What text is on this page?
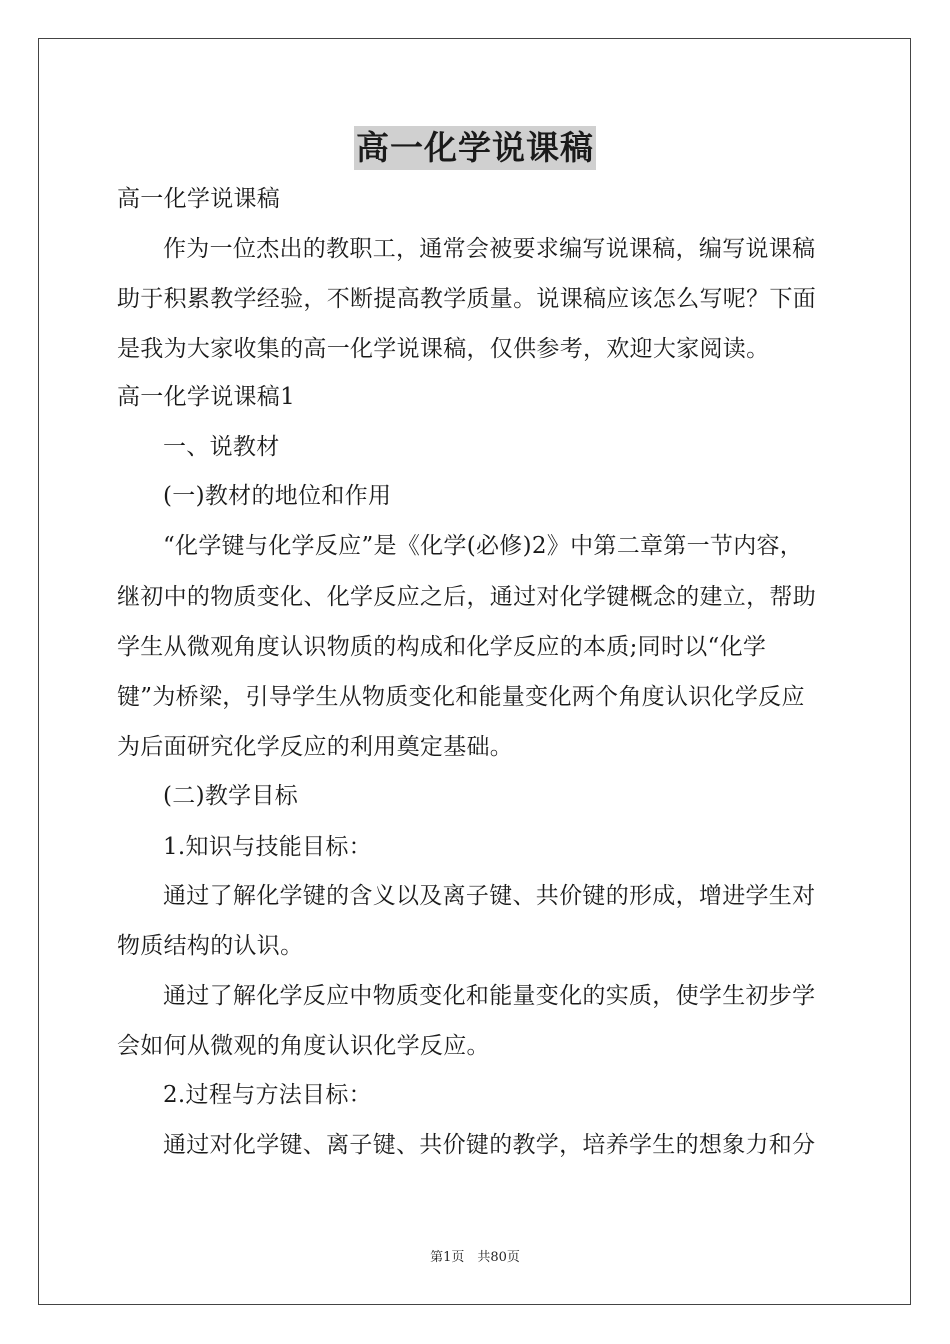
高一化学说课稿
高一化学说课稿
作为一位杰出的教职工，通常会被要求编写说课稿，编写说课稿
助于积累教学经验，不断提高教学质量。说课稿应该怎么写呢？下面
是我为大家收集的高一化学说课稿，仅供参考，欢迎大家阅读。
高一化学说课稿1
一、说教材
(一)教材的地位和作用
“化学键与化学反应”是《化学(必修)2》中第二章第一节内容，
继初中的物质变化、化学反应之后，通过对化学键概念的建立，帮助
学生从微观角度认识物质的构成和化学反应的本质;同时以“化学
键”为桥梁，引导学生从物质变化和能量变化两个角度认识化学反应
为后面研究化学反应的利用奠定基础。
(二)教学目标
1.知识与技能目标：
通过了解化学键的含义以及离子键、共价键的形成，增进学生对
物质结构的认识。
通过了解化学反应中物质变化和能量变化的实质，使学生初步学
会如何从微观的角度认识化学反应。
2.过程与方法目标：
通过对化学键、离子键、共价键的教学，培养学生的想象力和分
第1页　共80页
